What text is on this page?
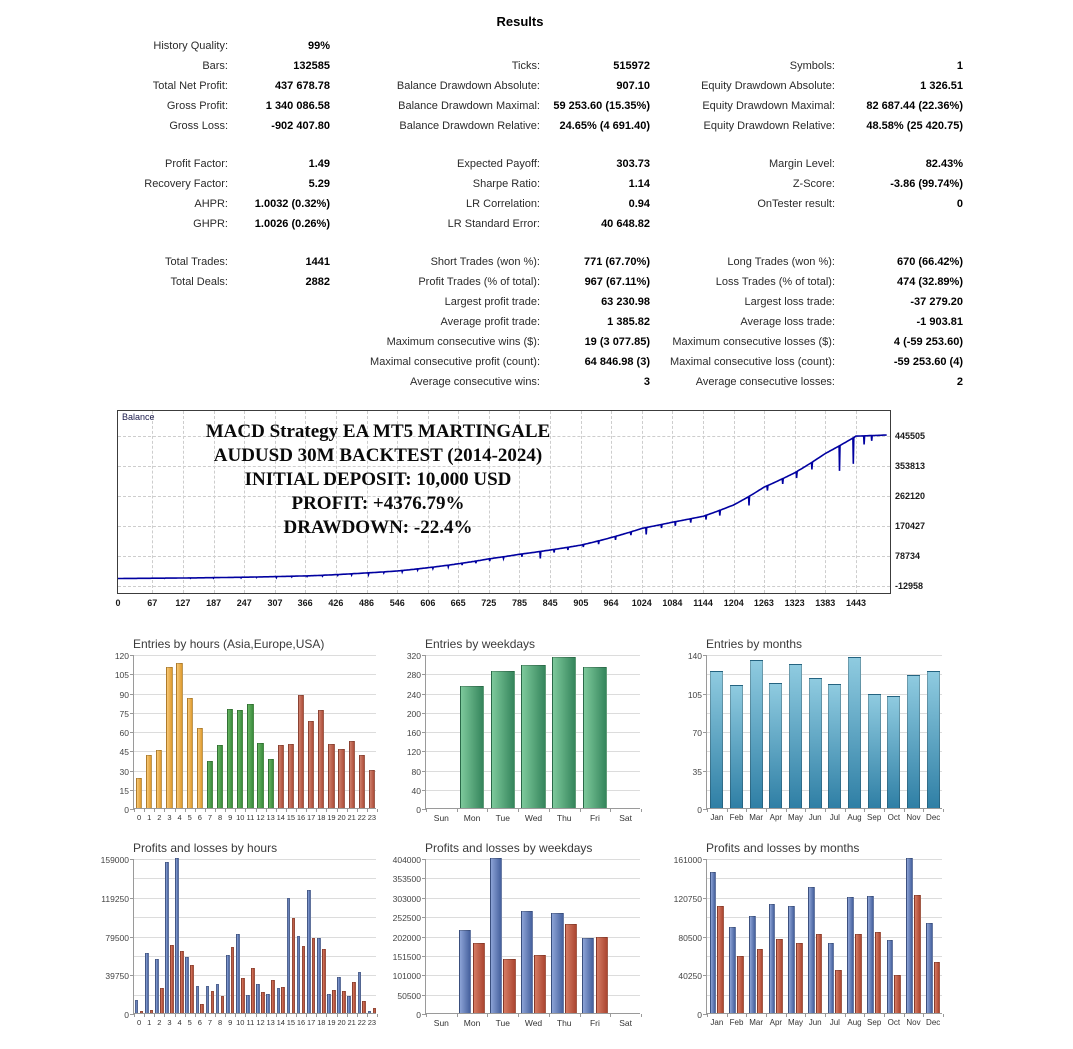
Results
History Quality:	99%
Bars:	132585	Ticks:	515972	Symbols:	1
Total Net Profit:	437 678.78	Balance Drawdown Absolute:	907.10	Equity Drawdown Absolute:	1 326.51
Gross Profit:	1 340 086.58	Balance Drawdown Maximal:	59 253.60 (15.35%)	Equity Drawdown Maximal:	82 687.44 (22.36%)
Gross Loss:	-902 407.80	Balance Drawdown Relative:	24.65% (4 691.40)	Equity Drawdown Relative:	48.58% (25 420.75)
Profit Factor:	1.49	Expected Payoff:	303.73	Margin Level:	82.43%
Recovery Factor:	5.29	Sharpe Ratio:	1.14	Z-Score:	-3.86 (99.74%)
AHPR:	1.0032 (0.32%)	LR Correlation:	0.94	OnTester result:	0
GHPR:	1.0026 (0.26%)	LR Standard Error:	40 648.82
Total Trades:	1441	Short Trades (won %):	771 (67.70%)	Long Trades (won %):	670 (66.42%)
Total Deals:	2882	Profit Trades (% of total):	967 (67.11%)	Loss Trades (% of total):	474 (32.89%)
Largest profit trade:	63 230.98	Largest loss trade:	-37 279.20
Average profit trade:	1 385.82	Average loss trade:	-1 903.81
Maximum consecutive wins ($):	19 (3 077.85)	Maximum consecutive losses ($):	4 (-59 253.60)
Maximal consecutive profit (count):	64 846.98 (3)	Maximal consecutive loss (count):	-59 253.60 (4)
Average consecutive wins:	3	Average consecutive losses:	2
Balance
MACD Strategy EA MT5 MARTINGALE
AUDUSD 30M BACKTEST (2014-2024)
INITIAL DEPOSIT: 10,000 USD
PROFIT: +4376.79%
DRAWDOWN: -22.4%
0	67 127 187 247 307 366 426 486 546 606 665 725 785 845 905 964 1024 1084 1144 1204 1263 1323 1383 1443
445505
353813
262120
170427
78734
-12958
Entries by hours (Asia,Europe,USA)
120
105
90
75
60
45
30
15
0
0 1 2 3 4 5 6 7 8 9 10 11 12 13 14 15 16 17 18 19 20 21 22 23
Entries by weekdays
320
280
240
200
160
120
80
40
0
Sun Mon Tue Wed Thu Fri Sat
Entries by months
140
105
70
35
0
Jan Feb Mar Apr May Jun Jul Aug Sep Oct Nov Dec
Profits and losses by hours
159000
119250
79500
39750
0
0 1 2 3 4 5 6 7 8 9 10 11 12 13 14 15 16 17 18 19 20 21 22 23
Profits and losses by weekdays
404000
353500
303000
252500
202000
151500
101000
50500
0
Sun Mon Tue Wed Thu Fri Sat
Profits and losses by months
161000
120750
80500
40250
0
Jan Feb Mar Apr May Jun Jul Aug Sep Oct Nov Dec
